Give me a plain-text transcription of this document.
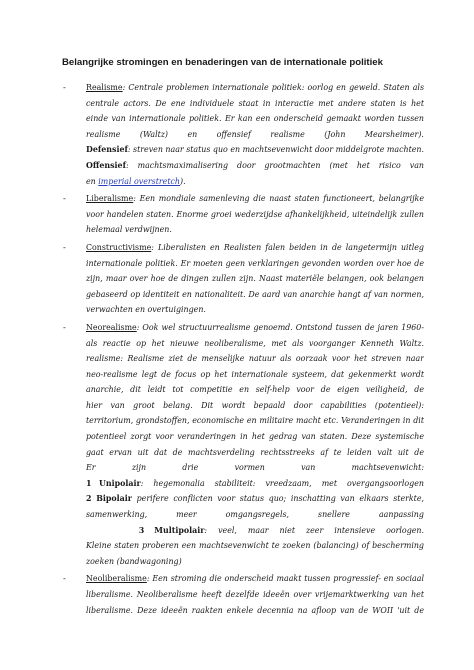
Belangrijke stromingen en benaderingen van de internationale politiek
-	Realisme: Centrale problemen internationale politiek: oorlog en geweld. Staten als
centrale actors. De ene individuele staat in interactie met andere staten is het
einde van internationale politiek. Er kan een onderscheid gemaakt worden tussen
realisme (Waltz) en offensief realisme (John Mearsheimer).
Defensief: streven naar status quo en machtsevenwicht door middelgrote machten.
Offensief: machtsmaximalisering door grootmachten (met het risico van
en imperial overstretch).
-	Liberalisme: Een mondiale samenleving die naast staten functioneert, belangrijke
voor handelen staten. Enorme groei wederzijdse afhankelijkheid, uiteindelijk zullen
helemaal verdwijnen.
-	Constructivisme: Liberalisten en Realisten falen beiden in de langetermijn uitleg
internationale politiek. Er moeten geen verklaringen gevonden worden over hoe de
zijn, maar over hoe de dingen zullen zijn. Naast materiële belangen, ook belangen
gebaseerd op identiteit en nationaliteit. De aard van anarchie hangt af van normen,
verwachten en overtuigingen.
-	Neorealisme: Ook wel structuurrealisme genoemd. Ontstond tussen de jaren 1960-
als reactie op het nieuwe neoliberalisme, met als voorganger Kenneth Waltz.
realisme: Realisme ziet de menselijke natuur als oorzaak voor het streven naar
neo-realisme legt de focus op het internationale systeem, dat gekenmerkt wordt
anarchie, dit leidt tot competitie en self-help voor de eigen veiligheid, de
hier van groot belang. Dit wordt bepaald door capabilities (potentieel):
territorium, grondstoffen, economische en militaire macht etc. Veranderingen in dit
potentieel zorgt voor veranderingen in het gedrag van staten. Deze systemische
gaat ervan uit dat de machtsverdeling rechtsstreeks af te leiden valt uit de
Er	zijn	drie	vormen	van	machtsevenwicht:
1 Unipolair: hegemonalia stabiliteit: vreedzaam, met overgangsoorlogen
2 Bipolair perifere conflicten voor status quo; inschatting van elkaars sterkte,
samenwerking,	meer	omgangsregels,	snellere	aanpassing
3 Multipolair: veel, maar niet zeer intensieve oorlogen.
Kleine staten proberen een machtsevenwicht te zoeken (balancing) of bescherming
zoeken (bandwagoning)
-	Neoliberalisme: Een stroming die onderscheid maakt tussen progressief- en sociaal
liberalisme. Neoliberalisme heeft dezelfde ideeën over vrijemarktwerking van het
liberalisme. Deze ideeën raakten enkele decennia na afloop van de WOII 'uit de
